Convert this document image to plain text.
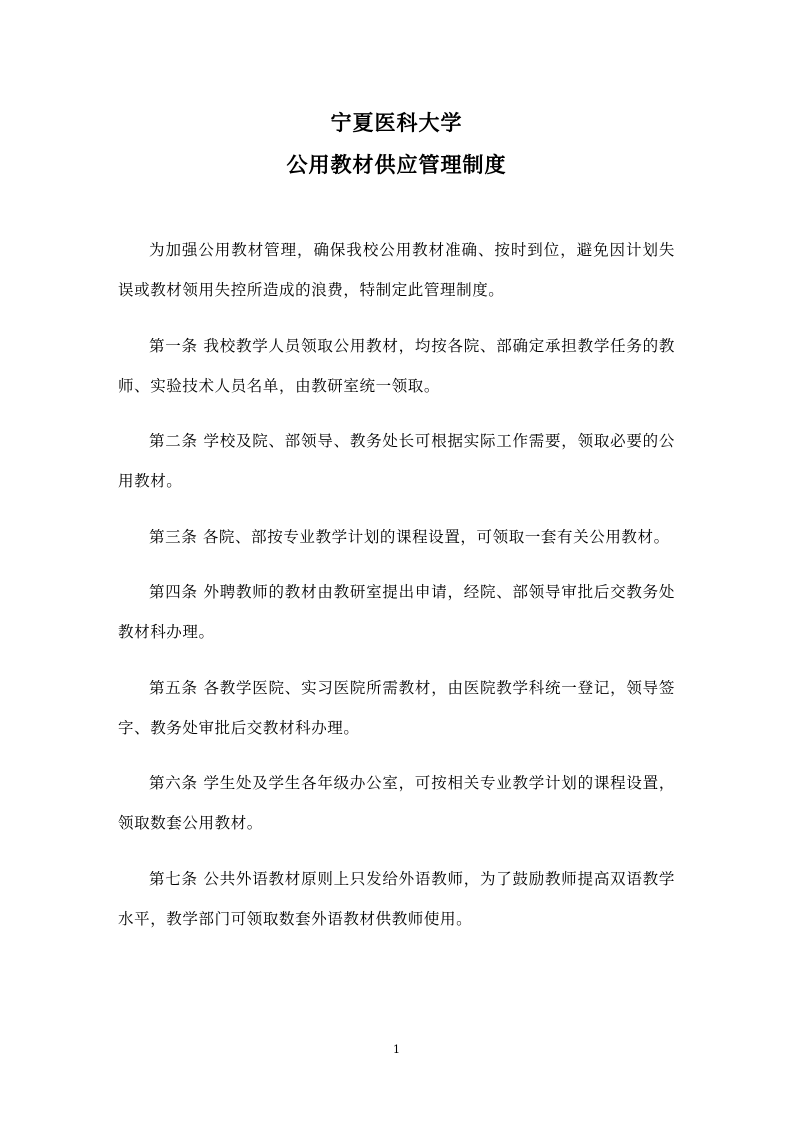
宁夏医科大学
公用教材供应管理制度

为加强公用教材管理，确保我校公用教材准确、按时到位，避免因计划失误或教材领用失控所造成的浪费，特制定此管理制度。

第一条 我校教学人员领取公用教材，均按各院、部确定承担教学任务的教师、实验技术人员名单，由教研室统一领取。

第二条 学校及院、部领导、教务处长可根据实际工作需要，领取必要的公用教材。

第三条 各院、部按专业教学计划的课程设置，可领取一套有关公用教材。

第四条 外聘教师的教材由教研室提出申请，经院、部领导审批后交教务处教材科办理。

第五条 各教学医院、实习医院所需教材，由医院教学科统一登记，领导签字、教务处审批后交教材科办理。

第六条 学生处及学生各年级办公室，可按相关专业教学计划的课程设置，领取数套公用教材。

第七条 公共外语教材原则上只发给外语教师，为了鼓励教师提高双语教学水平，教学部门可领取数套外语教材供教师使用。

1
